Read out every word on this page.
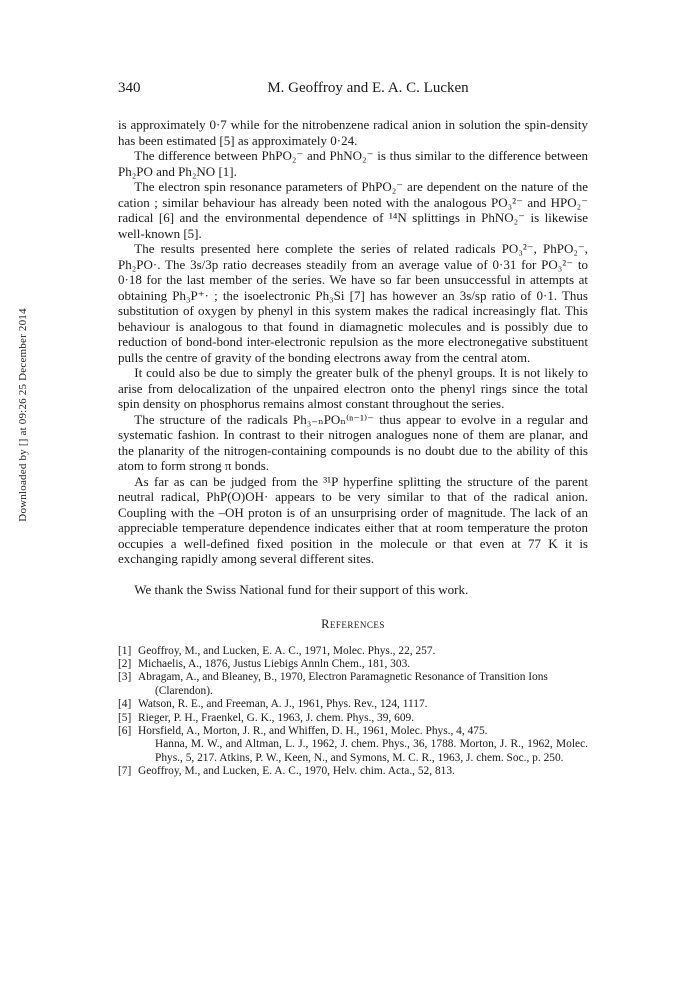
Downloaded by [] at 09:26 25 December 2014
340	M. Geoffroy and E. A. C. Lucken

is approximately 0·7 while for the nitrobenzene radical anion in solution the spin-density has been estimated [5] as approximately 0·24.

The difference between PhPO₂⁻ and PhNO₂⁻ is thus similar to the difference between Ph₂PO and Ph₂NO [1].

The electron spin resonance parameters of PhPO₂⁻ are dependent on the nature of the cation ; similar behaviour has already been noted with the analogous PO₃²⁻ and HPO₂⁻ radical [6] and the environmental dependence of ¹⁴N splittings in PhNO₂⁻ is likewise well-known [5].

The results presented here complete the series of related radicals PO₃²⁻, PhPO₂⁻, Ph₂PO·. The 3s/3p ratio decreases steadily from an average value of 0·31 for PO₃²⁻ to 0·18 for the last member of the series. We have so far been unsuccessful in attempts at obtaining Ph₃P⁺· ; the isoelectronic Ph₃Si [7] has however an 3s/sp ratio of 0·1. Thus substitution of oxygen by phenyl in this system makes the radical increasingly flat. This behaviour is analogous to that found in diamagnetic molecules and is possibly due to reduction of bond-bond inter-electronic repulsion as the more electronegative substituent pulls the centre of gravity of the bonding electrons away from the central atom.

It could also be due to simply the greater bulk of the phenyl groups. It is not likely to arise from delocalization of the unpaired electron onto the phenyl rings since the total spin density on phosphorus remains almost constant throughout the series.

The structure of the radicals Ph₃₋ₙPOₙ⁽ⁿ⁻¹⁾⁻ thus appear to evolve in a regular and systematic fashion. In contrast to their nitrogen analogues none of them are planar, and the planarity of the nitrogen-containing compounds is no doubt due to the ability of this atom to form strong π bonds.

As far as can be judged from the ³¹P hyperfine splitting the structure of the parent neutral radical, PhP(O)OH· appears to be very similar to that of the radical anion. Coupling with the –OH proton is of an unsurprising order of magnitude. The lack of an appreciable temperature dependence indicates either that at room temperature the proton occupies a well-defined fixed position in the molecule or that even at 77 K it is exchanging rapidly among several different sites.

We thank the Swiss National fund for their support of this work.

References
[1] Geoffroy, M., and Lucken, E. A. C., 1971, Molec. Phys., 22, 257.
[2] Michaelis, A., 1876, Justus Liebigs Annln Chem., 181, 303.
[3] Abragam, A., and Bleaney, B., 1970, Electron Paramagnetic Resonance of Transition Ions
(Clarendon).
[4] Watson, R. E., and Freeman, A. J., 1961, Phys. Rev., 124, 1117.
[5] Rieger, P. H., Fraenkel, G. K., 1963, J. chem. Phys., 39, 609.
[6] Horsfield, A., Morton, J. R., and Whiffen, D. H., 1961, Molec. Phys., 4, 475.
Hanna, M. W., and Altman, L. J., 1962, J. chem. Phys., 36, 1788. Morton, J. R., 1962, Molec. Phys., 5, 217. Atkins, P. W., Keen, N., and Symons, M. C. R., 1963, J. chem. Soc., p. 250.
[7] Geoffroy, M., and Lucken, E. A. C., 1970, Helv. chim. Acta., 52, 813.
